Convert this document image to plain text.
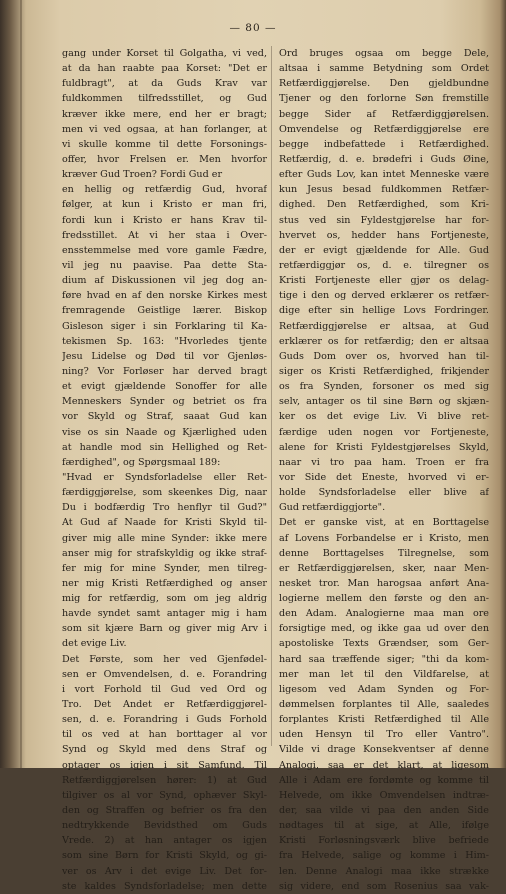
— 80 —
gang under Korset til Golgatha, vi ved,
at da han raabte paa Korset: "Det er
fuldbragt", at da Guds Krav var
fuldkommen tilfredsstillet, og Gud
kræver ikke mere, end her er bragt;
men vi ved ogsaa, at han forlanger, at
vi skulle komme til dette Forsonings-
offer, hvor Frelsen er. Men hvorfor
kræver Gud Troen? Fordi Gud er
en hellig og retfærdig Gud, hvoraf
følger, at kun i Kristo er man fri,
fordi kun i Kristo er hans Krav til-
fredsstillet. At vi her staa i Over-
ensstemmelse med vore gamle Fædre,
vil jeg nu paavise. Paa dette Sta-
dium af Diskussionen vil jeg dog an-
føre hvad en af den norske Kirkes mest
fremragende Geistlige lærer. Biskop
Gisleson siger i sin Forklaring til Ka-
tekismen Sp. 163: "Hvorledes tjente
Jesu Lidelse og Død til vor Gjenløs-
ning? Vor Forløser har derved bragt
et evigt gjældende Sonoffer for alle
Menneskers Synder og betriet os fra
vor Skyld og Straf, saaat Gud kan
vise os sin Naade og Kjærlighed uden
at handle mod sin Hellighed og Ret-
færdighed", og Spørgsmaal 189:
"Hvad er Syndsforladelse eller Ret-
færdiggjørelse, som skeenkes Dig, naar
Du i bodfærdig Tro henflyr til Gud?"
At Gud af Naade for Kristi Skyld til-
giver mig alle mine Synder: ikke mere
anser mig for strafskyldig og ikke straf-
fer mig for mine Synder, men tilreg-
ner mig Kristi Retfærdighed og anser
mig for retfærdig, som om jeg aldrig
havde syndet samt antager mig i ham
som sit kjære Barn og giver mig Arv i
det evige Liv.
Det Første, som her ved Gjenfødel-
sen er Omvendelsen, d. e. Forandring
i vort Forhold til Gud ved Ord og
Tro. Det Andet er Retfærdiggjørel-
sen, d. e. Forandring i Guds Forhold
til os ved at han borttager al vor
Synd og Skyld med dens Straf og
optager os igjen i sit Samfund. Til
Retfærdiggjørelsen hører: 1) at Gud
tilgiver os al vor Synd, ophæver Skyl-
den og Straffen og befrier os fra den
nedtrykkende Bevidsthed om Guds
Vrede. 2) at han antager os igjen
som sine Børn for Kristi Skyld, og gi-
ver os Arv i det evige Liv. Det for-
ste kaldes Syndsforladelse; men dette
Ord bruges ogsaa om begge Dele,
altsaa i samme Betydning som Ordet
Retfærdiggjørelse. Den gjeldbundne
Tjener og den forlorne Søn fremstille
begge Sider af Retfærdiggjørelsen.
Omvendelse og Retfærdiggjørelse ere
begge indbefattede i Retfærdighed.
Retfærdig, d. e. brødefri i Guds Øine,
efter Guds Lov, kan intet Menneske være
kun Jesus besad fuldkommen Retfær-
dighed. Den Retfærdighed, som Kri-
stus ved sin Fyldestgjørelse har for-
hvervet os, hedder hans Fortjeneste,
der er evigt gjældende for Alle. Gud
retfærdiggjør os, d. e. tilregner os
Kristi Fortjeneste eller gjør os delag-
tige i den og derved erklærer os retfær-
dige efter sin hellige Lovs Fordringer.
Retfærdiggjørelse er altsaa, at Gud
erklærer os for retfærdig; den er altsaa
Guds Dom over os, hvorved han til-
siger os Kristi Retfærdighed, frikjender
os fra Synden, forsoner os med sig
selv, antager os til sine Børn og skjæn-
ker os det evige Liv. Vi blive ret-
færdige uden nogen vor Fortjeneste,
alene for Kristi Fyldestgjørelses Skyld,
naar vi tro paa ham. Troen er fra
vor Side det Eneste, hvorved vi er-
holde Syndsforladelse eller blive af
Gud retfærdiggjorte".
Det er ganske vist, at en Borttagelse
af Lovens Forbandelse er i Kristo, men
denne Borttagelses Tilregnelse, som
er Retfærdiggjørelsen, sker, naar Men-
nesket tror. Man harogsaa anført Ana-
logierne mellem den første og den an-
den Adam. Analogierne maa man ore
forsigtige med, og ikke gaa ud over den
apostoliske Texts Grændser, som Ger-
hard saa træffende siger; "thi da kom-
mer man let til den Vildfarelse, at
ligesom ved Adam Synden og For-
dømmelsen forplantes til Alle, saaledes
forplantes Kristi Retfærdighed til Alle
uden Hensyn til Tro eller Vantro".
Vilde vi drage Konsekventser af denne
Analogi, saa er det klart, at ligesom
Alle i Adam ere fordømte og komme til
Helvede, om ikke Omvendelsen indtræ-
der, saa vilde vi paa den anden Side
nødtages til at sige, at Alle, ifølge
Kristi Forløsningsværk blive befriede
fra Helvede, salige og komme i Him-
len. Denne Analogi maa ikke strække
sig videre, end som Rosenius saa vak-
